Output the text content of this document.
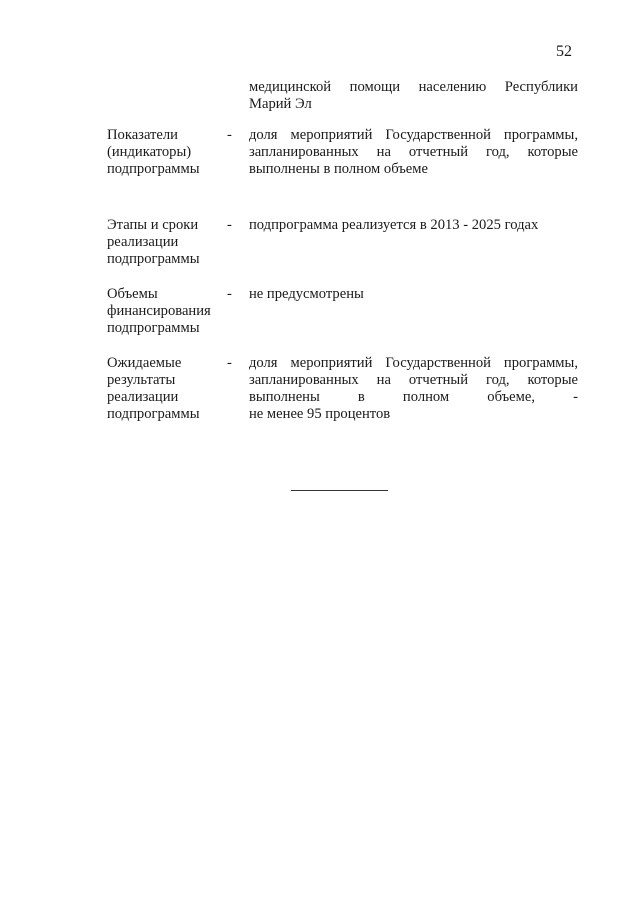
52
медицинской помощи населению Республики
Марий Эл
Показатели
(индикаторы)
подпрограммы
- доля мероприятий Государственной программы,
запланированных на отчетный год, которые
выполнены в полном объеме
Этапы и сроки
реализации
подпрограммы
- подпрограмма реализуется в 2013 - 2025 годах
Объемы
финансирования
подпрограммы
- не предусмотрены
Ожидаемые
результаты
реализации
подпрограммы
- доля мероприятий Государственной программы,
запланированных на отчетный год, которые
выполнены в полном объеме, -
не менее 95 процентов
